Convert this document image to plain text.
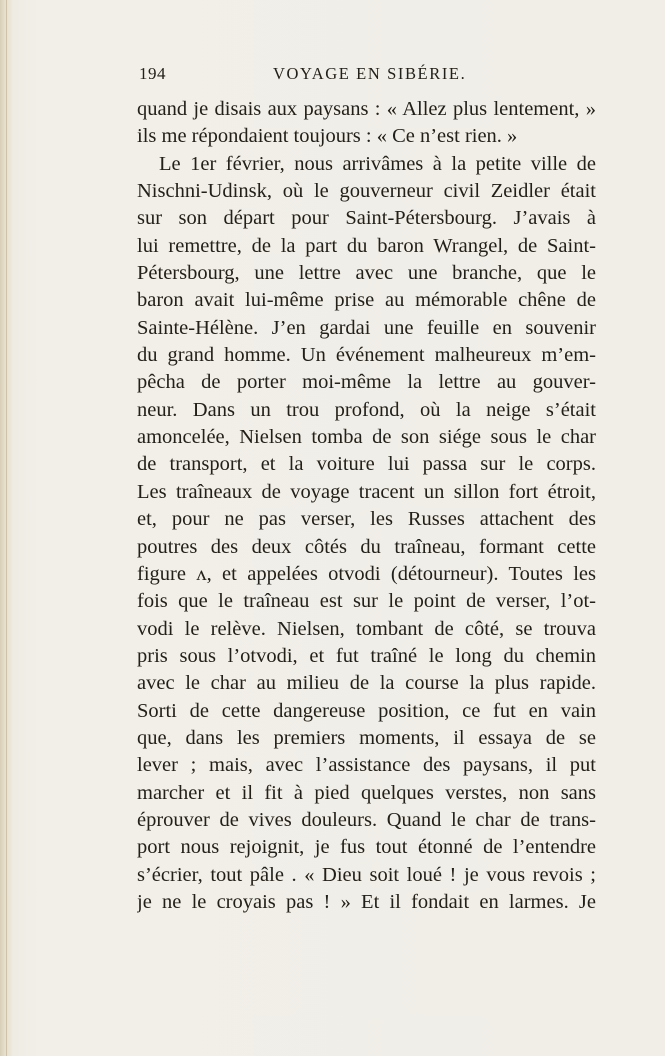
194	VOYAGE EN SIBÉRIE.
quand je disais aux paysans : « Allez plus lentement, »
ils me répondaient toujours : « Ce n’est rien. »
Le 1er février, nous arrivâmes à la petite ville de
Nischni-Udinsk, où le gouverneur civil Zeidler était
sur son départ pour Saint-Pétersbourg. J’avais à
lui remettre, de la part du baron Wrangel, de Saint-
Pétersbourg, une lettre avec une branche, que le
baron avait lui-même prise au mémorable chêne de
Sainte-Hélène. J’en gardai une feuille en souvenir
du grand homme. Un événement malheureux m’em-
pêcha de porter moi-même la lettre au gouver-
neur. Dans un trou profond, où la neige s’était
amoncelée, Nielsen tomba de son siége sous le char
de transport, et la voiture lui passa sur le corps.
Les traîneaux de voyage tracent un sillon fort étroit,
et, pour ne pas verser, les Russes attachent des
poutres des deux côtés du traîneau, formant cette
figure ʌ, et appelées otvodi (détourneur). Toutes les
fois que le traîneau est sur le point de verser, l’ot-
vodi le relève. Nielsen, tombant de côté, se trouva
pris sous l’otvodi, et fut traîné le long du chemin
avec le char au milieu de la course la plus rapide.
Sorti de cette dangereuse position, ce fut en vain
que, dans les premiers moments, il essaya de se
lever ; mais, avec l’assistance des paysans, il put
marcher et il fit à pied quelques verstes, non sans
éprouver de vives douleurs. Quand le char de trans-
port nous rejoignit, je fus tout étonné de l’entendre
s’écrier, tout pâle . « Dieu soit loué ! je vous revois ;
je ne le croyais pas ! » Et il fondait en larmes. Je
